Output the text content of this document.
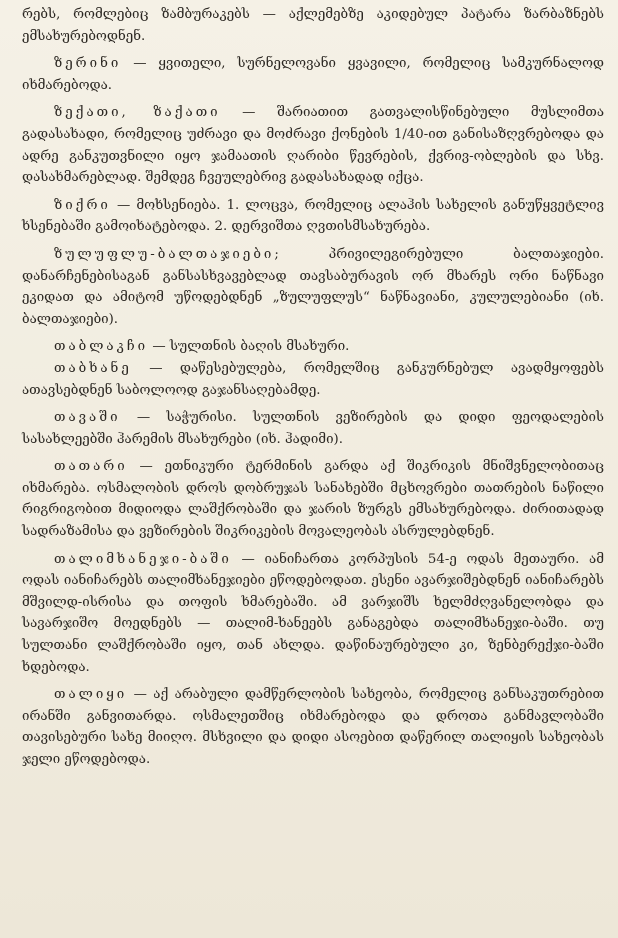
რებს, რომლებიც ზამბურაკებს — აქლემებზე აკიდებულ პატარა ზარბაზნებს ემსახურებოდნენ.

ზერინი — ყვითელი, სურნელოვანი ყვავილი, რომელიც სამკურნალოდ იხმარებოდა.

ზექათი, ზაქათი — შარიათით გათვალისწინებული მუსლიმთა გადასახადი, რომელიც უძრავი და მოძრავი ქონების 1/40-ით განისაზღვრებოდა და ადრე განკუთვნილი იყო ჯამაათის ღარიბი წევრების, ქვრივ-ობლების და სხვ. დასახმარებლად. შემდეგ ჩვეულებრივ გადასახადად იქცა.

ზიქრი — მოხსენიება. 1. ლოცვა, რომელიც ალაჰის სახელის განუწყვეტლივ ხსენებაში გამოიხატებოდა. 2. დერვიშთა ღვთისმსახურება.

ზულუფლუ-ბალთაჯიები; პრივილეგირებული ბალთაჯიები. დანარჩენებისაგან განსასხვავებლად თავსაბურავის ორ მხარეს ორი ნაწნავი ეკიდათ და ამიტომ უწოდებდნენ „ზულუფლუს“ ნაწნავიანი, კულულებიანი (იხ. ბალთაჯიები).

თაბლაკჩი — სულთნის ბაღის მსახური.

თაბხანე — დაწესებულება, რომელშიც განკურნებულ ავადმყოფებს ათავსებდნენ საბოლოოდ გაჯანსაღებამდე.

თავაში — საჭურისი. სულთნის ვეზირების და დიდი ფეოდალების სასახლეებში ჰარემის მსახურები (იხ. ჰადიმი).

თათარი — ეთნიკური ტერმინის გარდა აქ შიკრიკის მნიშვნელობითაც იხმარება. ოსმალობის დროს დობრუჯას სანახებში მცხოვრები თათრების ნაწილი რიგრიგობით მიდიოდა ლაშქრობაში და ჯარის ზურგს ემსახურებოდა. ძირითადად სადრაზამისა და ვეზირების შიკრიკების მოვალეობას ასრულებდნენ.

თალიმხანეჯი-ბაში — იანიჩართა კორპუსის 54-ე ოდას მეთაური. ამ ოდას იანიჩარებს თალიმხანეჯიები ეწოდებოდათ. ესენი ავარჯიშებდნენ იანიჩარებს მშვილდ-ისრისა და თოფის ხმარებაში. ამ ვარჯიშს ხელმძღვანელობდა და სავარჯიშო მოედნებს — თალიმ-ხანეებს განაგებდა თალიმხანეჯი-ბაში. თუ სულთანი ლაშქრობაში იყო, თან ახლდა. დაწინაურებული კი, ზენბერექჯი-ბაში ხდებოდა.

თალიყი — აქ არაბული დამწერლობის სახეობა, რომელიც განსაკუთრებით ირანში განვითარდა. ოსმალეთშიც იხმარებოდა და დროთა განმავლობაში თავისებური სახე მიიღო. მსხვილი და დიდი ასოებით დაწერილ თალიყის სახეობას ჯელი ეწოდებოდა.
